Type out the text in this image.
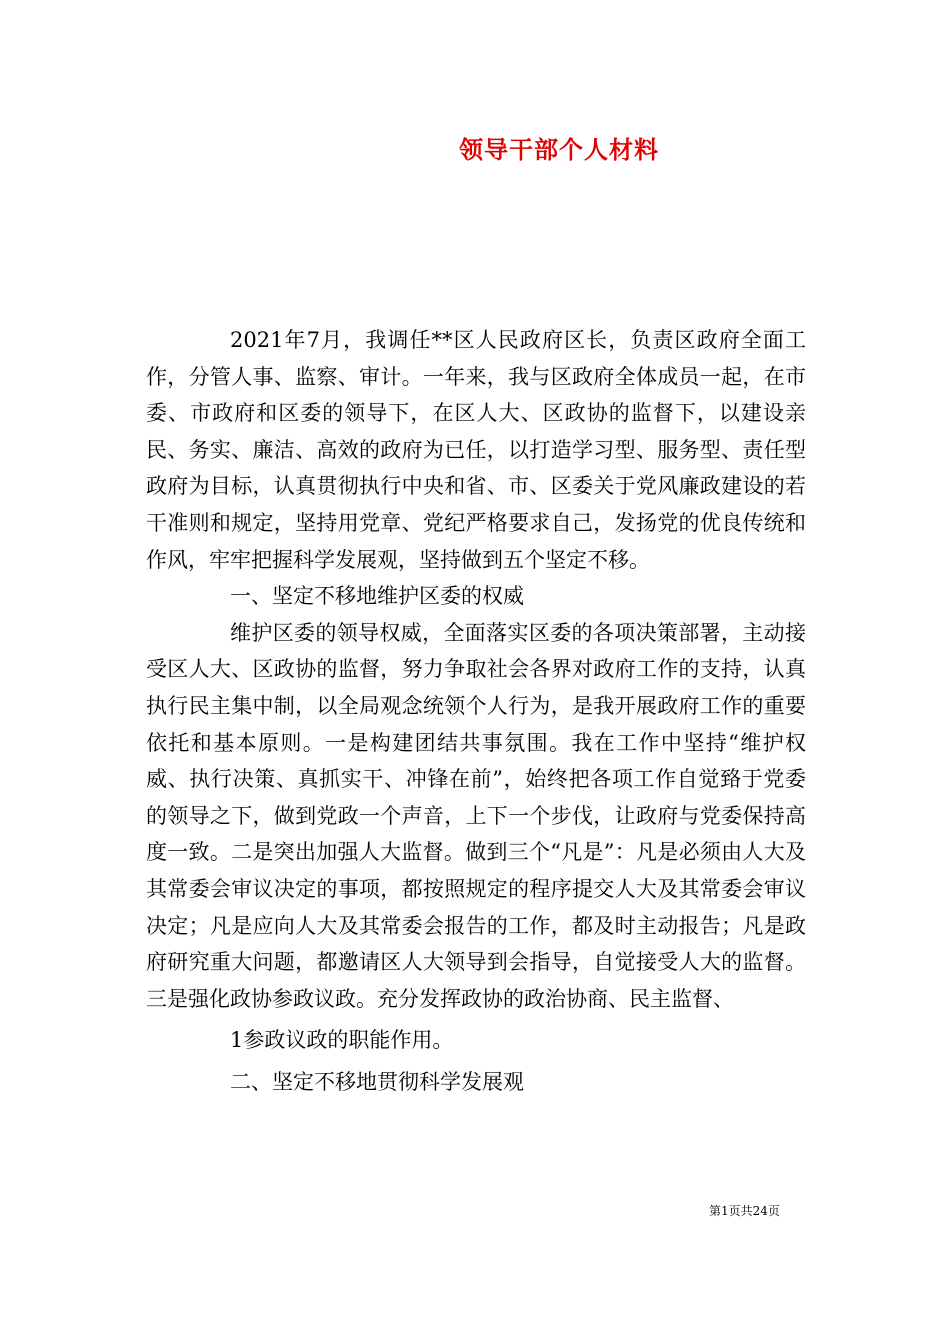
领导干部个人材料

2021年7月，我调任**区人民政府区长，负责区政府全面工作，分管人事、监察、审计。一年来，我与区政府全体成员一起，在市委、市政府和区委的领导下，在区人大、区政协的监督下，以建设亲民、务实、廉洁、高效的政府为已任，以打造学习型、服务型、责任型政府为目标，认真贯彻执行中央和省、市、区委关于党风廉政建设的若干准则和规定，坚持用党章、党纪严格要求自己，发扬党的优良传统和作风，牢牢把握科学发展观，坚持做到五个坚定不移。

一、坚定不移地维护区委的权威

维护区委的领导权威，全面落实区委的各项决策部署，主动接受区人大、区政协的监督，努力争取社会各界对政府工作的支持，认真执行民主集中制，以全局观念统领个人行为，是我开展政府工作的重要依托和基本原则。一是构建团结共事氛围。我在工作中坚持“维护权威、执行决策、真抓实干、冲锋在前”，始终把各项工作自觉臵于党委的领导之下，做到党政一个声音，上下一个步伐，让政府与党委保持高度一致。二是突出加强人大监督。做到三个“凡是”：凡是必须由人大及其常委会审议决定的事项，都按照规定的程序提交人大及其常委会审议决定；凡是应向人大及其常委会报告的工作，都及时主动报告；凡是政府研究重大问题，都邀请区人大领导到会指导，自觉接受人大的监督。三是强化政协参政议政。充分发挥政协的政治协商、民主监督、

1参政议政的职能作用。

二、坚定不移地贯彻科学发展观

第1页共24页
